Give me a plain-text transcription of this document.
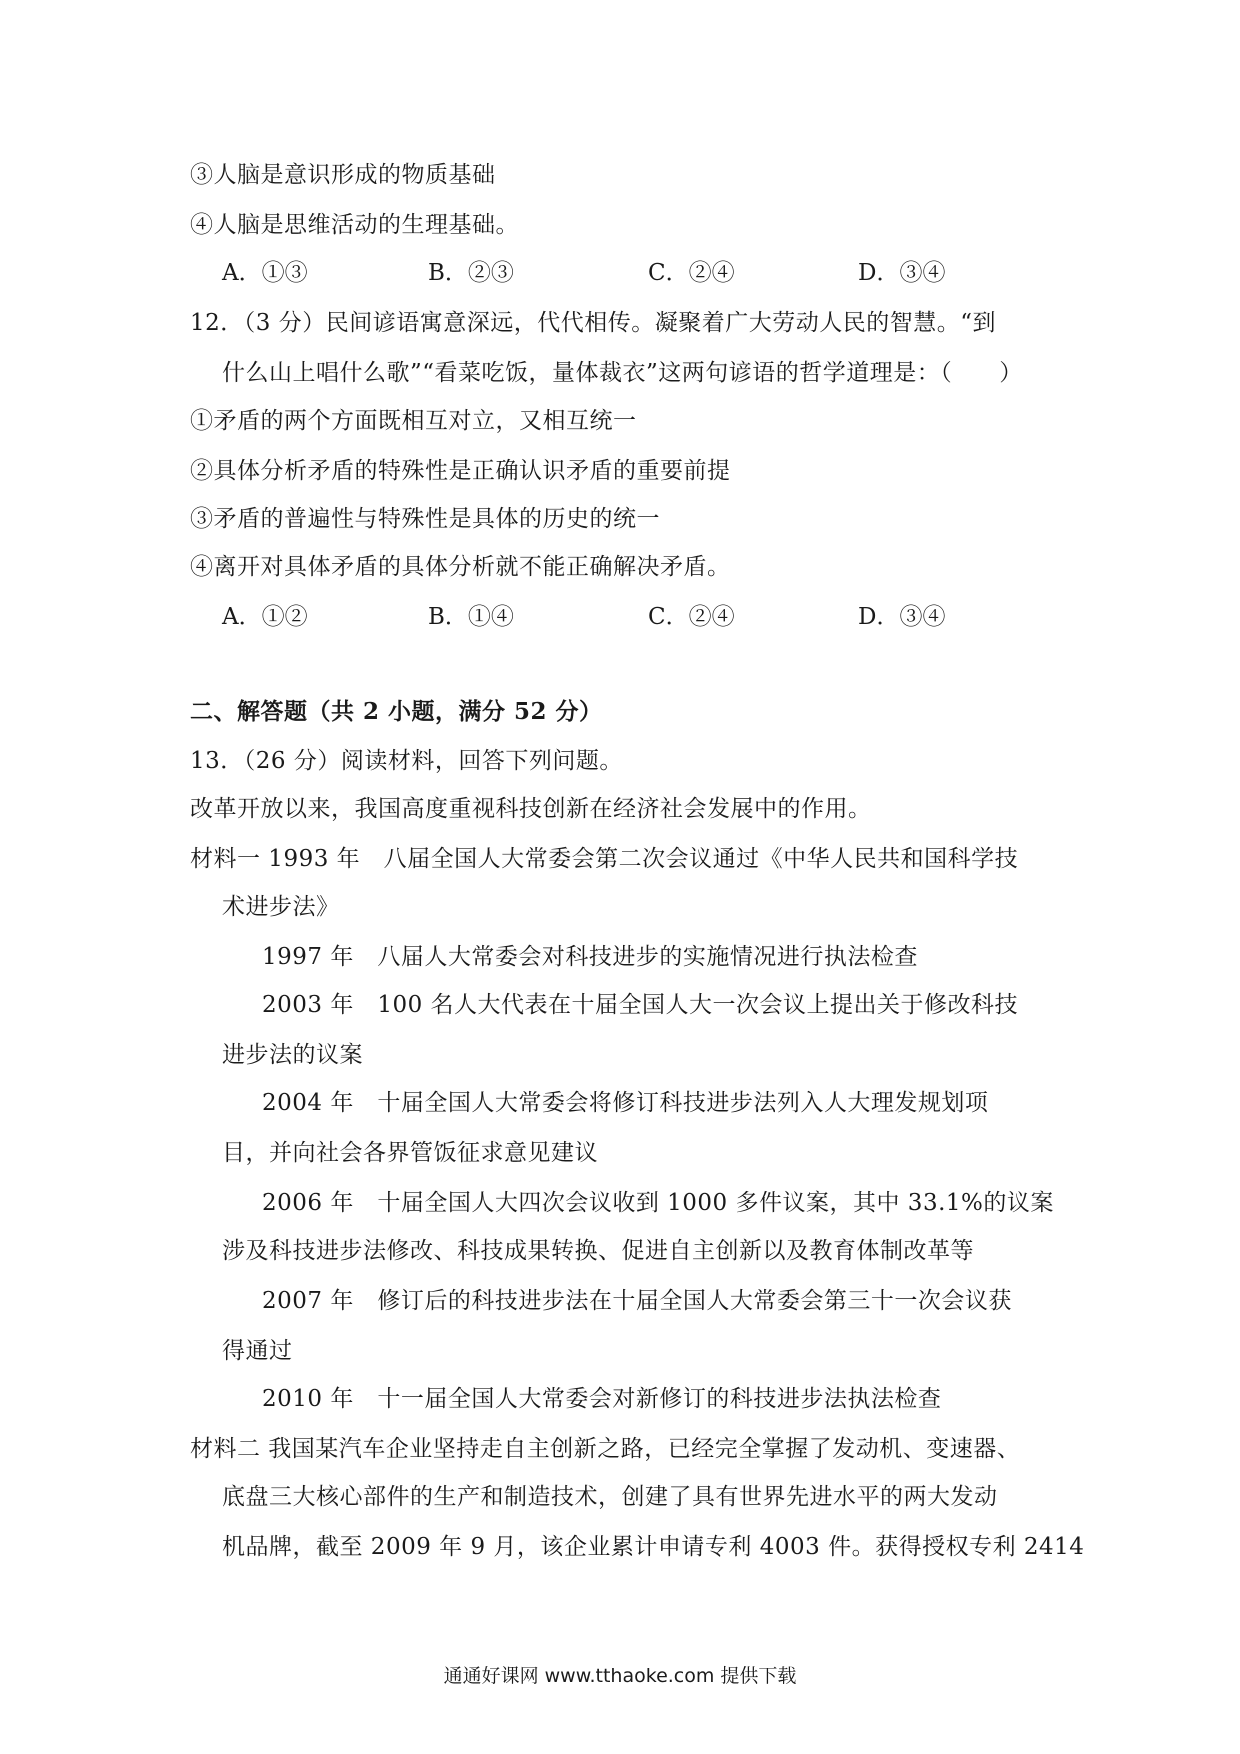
③人脑是意识形成的物质基础
④人脑是思维活动的生理基础。
A．①③	B．②③	C．②④	D．③④
12．（3 分）民间谚语寓意深远，代代相传。凝聚着广大劳动人民的智慧。“到
什么山上唱什么歌”“看菜吃饭，量体裁衣”这两句谚语的哲学道理是：（　　）
①矛盾的两个方面既相互对立，又相互统一
②具体分析矛盾的特殊性是正确认识矛盾的重要前提
③矛盾的普遍性与特殊性是具体的历史的统一
④离开对具体矛盾的具体分析就不能正确解决矛盾。
A．①②	B．①④	C．②④	D．③④
二、解答题（共 2 小题，满分 52 分）
13．（26 分）阅读材料，回答下列问题。
改革开放以来，我国高度重视科技创新在经济社会发展中的作用。
材料一 1993 年　八届全国人大常委会第二次会议通过《中华人民共和国科学技
术进步法》
1997 年　八届人大常委会对科技进步的实施情况进行执法检查
2003 年　100 名人大代表在十届全国人大一次会议上提出关于修改科技
进步法的议案
2004 年　十届全国人大常委会将修订科技进步法列入人大理发规划项
目，并向社会各界管饭征求意见建议
2006 年　十届全国人大四次会议收到 1000 多件议案，其中 33.1%的议案
涉及科技进步法修改、科技成果转换、促进自主创新以及教育体制改革等
2007 年　修订后的科技进步法在十届全国人大常委会第三十一次会议获
得通过
2010 年　十一届全国人大常委会对新修订的科技进步法执法检查
材料二 我国某汽车企业坚持走自主创新之路，已经完全掌握了发动机、变速器、
底盘三大核心部件的生产和制造技术，创建了具有世界先进水平的两大发动
机品牌，截至 2009 年 9 月，该企业累计申请专利 4003 件。获得授权专利 2414
通通好课网 www.tthaoke.com 提供下载
